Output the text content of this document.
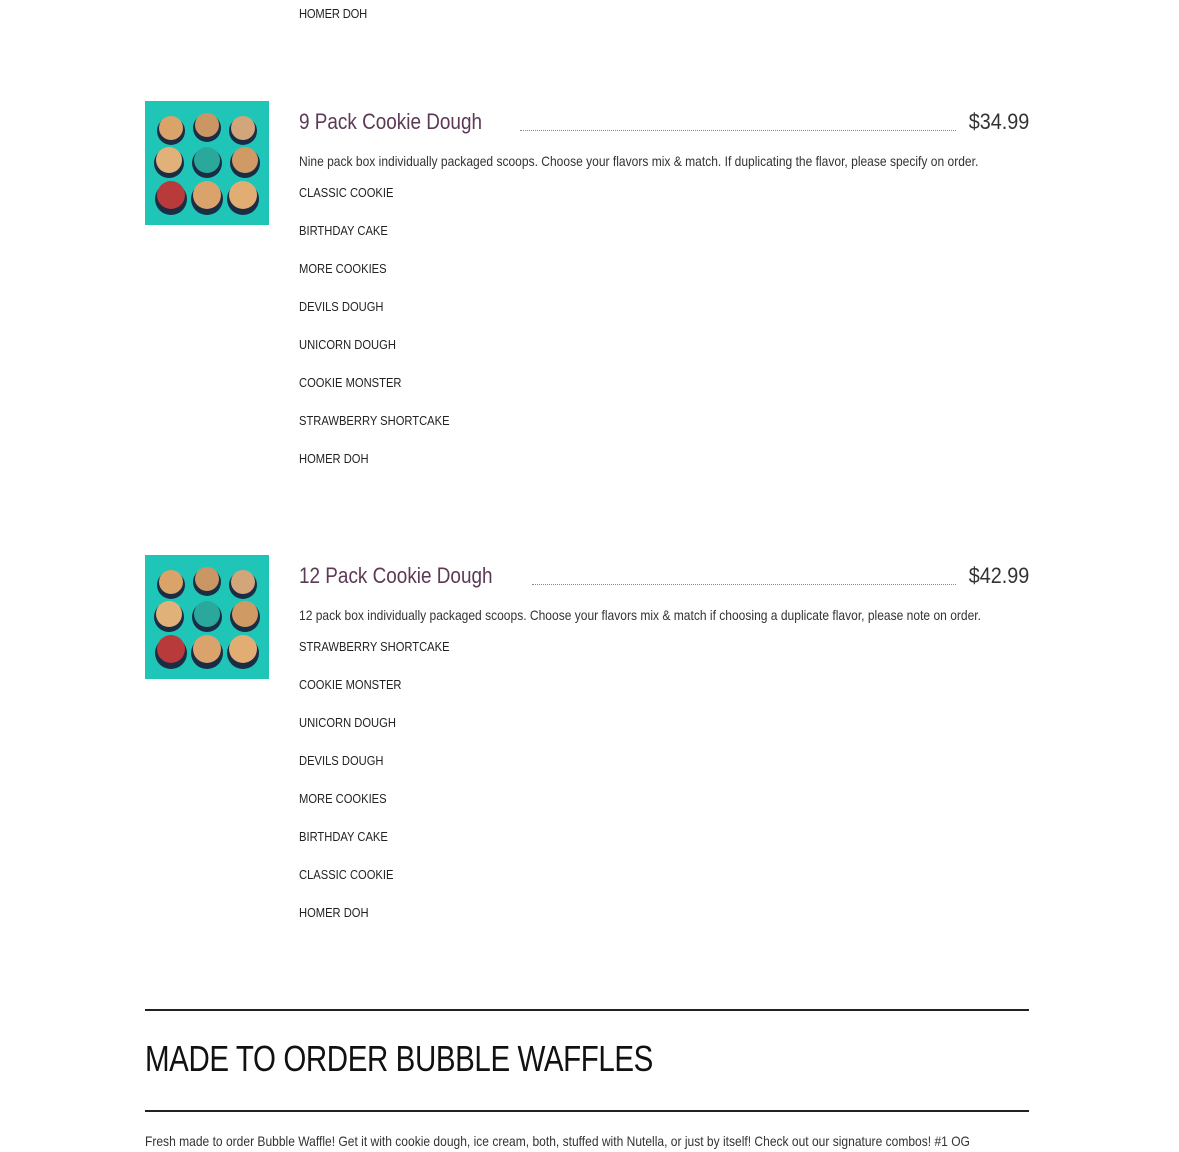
HOMER DOH
9 Pack Cookie Dough	$34.99
Nine pack box individually packaged scoops. Choose your flavors mix & match. If duplicating the flavor, please specify on order.
CLASSIC COOKIE
BIRTHDAY CAKE
MORE COOKIES
DEVILS DOUGH
UNICORN DOUGH
COOKIE MONSTER
STRAWBERRY SHORTCAKE
HOMER DOH
12 Pack Cookie Dough	$42.99
12 pack box individually packaged scoops. Choose your flavors mix & match if choosing a duplicate flavor, please note on order.
STRAWBERRY SHORTCAKE
COOKIE MONSTER
UNICORN DOUGH
DEVILS DOUGH
MORE COOKIES
BIRTHDAY CAKE
CLASSIC COOKIE
HOMER DOH
MADE TO ORDER BUBBLE WAFFLES
Fresh made to order Bubble Waffle! Get it with cookie dough, ice cream, both, stuffed with Nutella, or just by itself! Check out our signature combos! #1 OG
